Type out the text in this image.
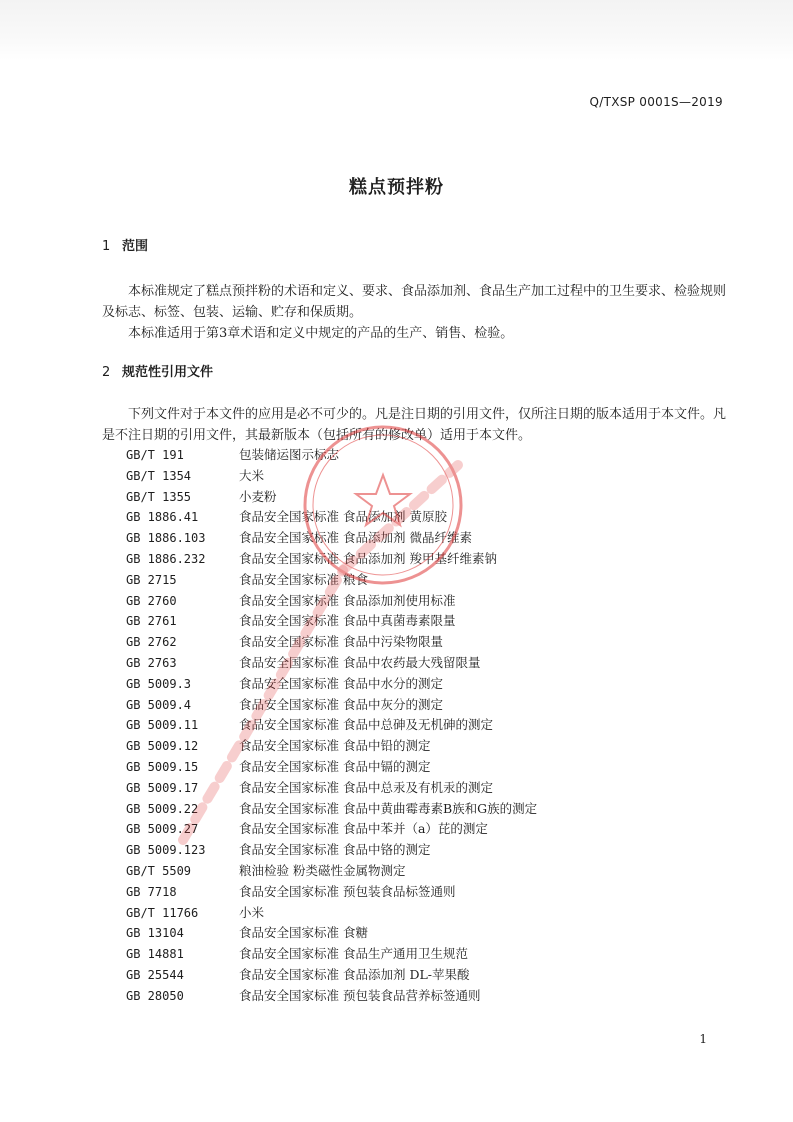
Q/TXSP 0001S—2019
糕点预拌粉
1 范围

本标准规定了糕点预拌粉的术语和定义、要求、食品添加剂、食品生产加工过程中的卫生要求、检验规则及标志、标签、包装、运输、贮存和保质期。

本标准适用于第3章术语和定义中规定的产品的生产、销售、检验。

2 规范性引用文件

下列文件对于本文件的应用是必不可少的。凡是注日期的引用文件，仅所注日期的版本适用于本文件。凡是不注日期的引用文件，其最新版本（包括所有的修改单）适用于本文件。

GB/T 191	包装储运图示标志
GB/T 1354	大米
GB/T 1355	小麦粉
GB 1886.41	食品安全国家标准 食品添加剂 黄原胶
GB 1886.103	食品安全国家标准 食品添加剂 微晶纤维素
GB 1886.232	食品安全国家标准 食品添加剂 羧甲基纤维素钠
GB 2715	食品安全国家标准 粮食
GB 2760	食品安全国家标准 食品添加剂使用标准
GB 2761	食品安全国家标准 食品中真菌毒素限量
GB 2762	食品安全国家标准 食品中污染物限量
GB 2763	食品安全国家标准 食品中农药最大残留限量
GB 5009.3	食品安全国家标准 食品中水分的测定
GB 5009.4	食品安全国家标准 食品中灰分的测定
GB 5009.11	食品安全国家标准 食品中总砷及无机砷的测定
GB 5009.12	食品安全国家标准 食品中铅的测定
GB 5009.15	食品安全国家标准 食品中镉的测定
GB 5009.17	食品安全国家标准 食品中总汞及有机汞的测定
GB 5009.22	食品安全国家标准 食品中黄曲霉毒素B族和G族的测定
GB 5009.27	食品安全国家标准 食品中苯并（a）芘的测定
GB 5009.123	食品安全国家标准 食品中铬的测定
GB/T 5509	粮油检验 粉类磁性金属物测定
GB 7718	食品安全国家标准 预包装食品标签通则
GB/T 11766	小米
GB 13104	食品安全国家标准 食糖
GB 14881	食品安全国家标准 食品生产通用卫生规范
GB 25544	食品安全国家标准 食品添加剂 DL-苹果酸
GB 28050	食品安全国家标准 预包装食品营养标签通则
1
